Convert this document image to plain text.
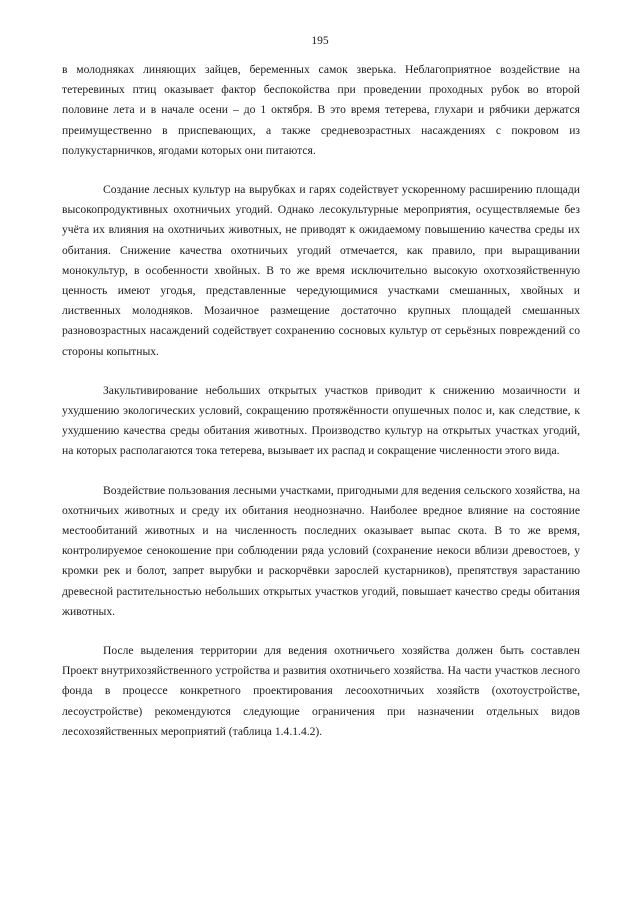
195

в молодняках линяющих зайцев, беременных самок зверька. Неблагоприятное воздействие на тетеревиных птиц оказывает фактор беспокойства при проведении проходных рубок во второй половине лета и в начале осени – до 1 октября. В это время тетерева, глухари и рябчики держатся преимущественно в приспевающих, а также средневозрастных насаждениях с покровом из полукустарничков, ягодами которых они питаются.

Создание лесных культур на вырубках и гарях содействует ускоренному расширению площади высокопродуктивных охотничьих угодий. Однако лесокультурные мероприятия, осуществляемые без учёта их влияния на охотничьих животных, не приводят к ожидаемому повышению качества среды их обитания. Снижение качества охотничьих угодий отмечается, как правило, при выращивании монокультур, в особенности хвойных. В то же время исключительно высокую охотхозяйственную ценность имеют угодья, представленные чередующимися участками смешанных, хвойных и лиственных молодняков. Мозаичное размещение достаточно крупных площадей смешанных разновозрастных насаждений содействует сохранению сосновых культур от серьёзных повреждений со стороны копытных.

Закультивирование небольших открытых участков приводит к снижению мозаичности и ухудшению экологических условий, сокращению протяжённости опушечных полос и, как следствие, к ухудшению качества среды обитания животных. Производство культур на открытых участках угодий, на которых располагаются тока тетерева, вызывает их распад и сокращение численности этого вида.

Воздействие пользования лесными участками, пригодными для ведения сельского хозяйства, на охотничьих животных и среду их обитания неоднозначно. Наиболее вредное влияние на состояние местообитаний животных и на численность последних оказывает выпас скота. В то же время, контролируемое сенокошение при соблюдении ряда условий (сохранение некоси вблизи древостоев, у кромки рек и болот, запрет вырубки и раскорчёвки зарослей кустарников), препятствуя зарастанию древесной растительностью небольших открытых участков угодий, повышает качество среды обитания животных.

После выделения территории для ведения охотничьего хозяйства должен быть составлен Проект внутрихозяйственного устройства и развития охотничьего хозяйства. На части участков лесного фонда в процессе конкретного проектирования лесоохотничьих хозяйств (охотоустройстве, лесоустройстве) рекомендуются следующие ограничения при назначении отдельных видов лесохозяйственных мероприятий (таблица 1.4.1.4.2).
